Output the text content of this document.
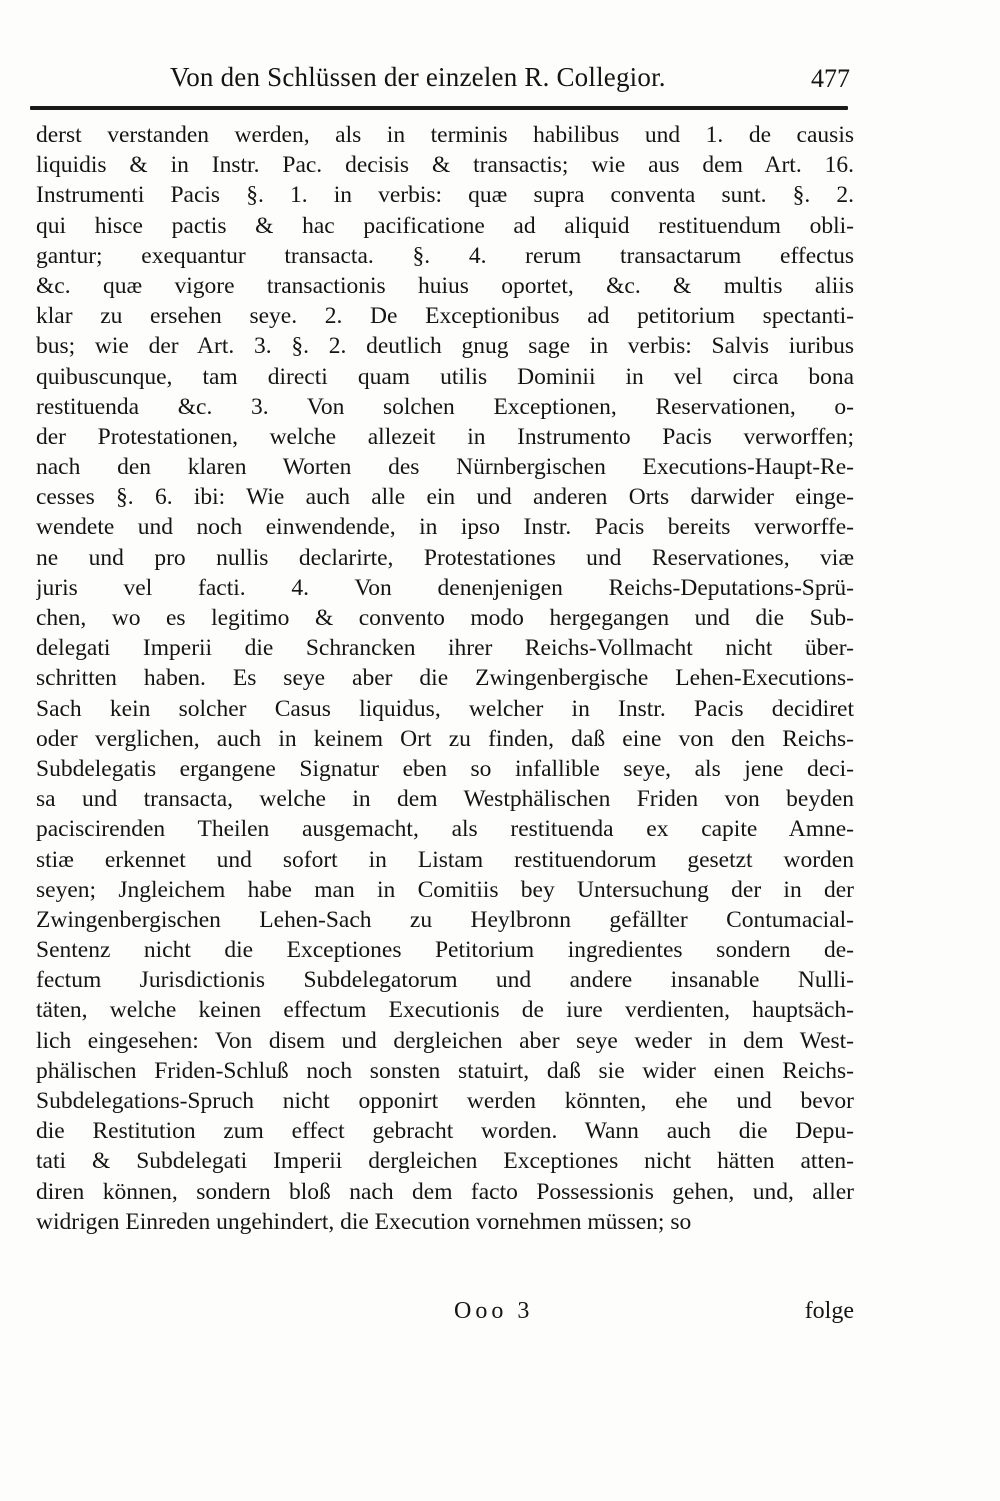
Von den Schlüssen der einzelen R. Collegior.	477
derst verstanden werden, als in terminis habilibus und 1. de causis
liquidis & in Instr. Pac. decisis & transactis; wie aus dem Art. 16.
Instrumenti Pacis §. 1. in verbis: quæ supra conventa sunt. §. 2.
qui hisce pactis & hac pacificatione ad aliquid restituendum obli-
gantur; exequantur transacta. §. 4. rerum transactarum effectus
&c. quæ vigore transactionis huius oportet, &c. & multis aliis
klar zu ersehen seye. 2. De Exceptionibus ad petitorium spectanti-
bus; wie der Art. 3. §. 2. deutlich gnug sage in verbis: Salvis iuribus
quibuscunque, tam directi quam utilis Dominii in vel circa bona
restituenda &c. 3. Von solchen Exceptionen, Reservationen, o-
der Protestationen, welche allezeit in Instrumento Pacis verworffen;
nach den klaren Worten des Nürnbergischen Executions-Haupt-Re-
cesses §. 6. ibi: Wie auch alle ein und anderen Orts darwider einge-
wendete und noch einwendende, in ipso Instr. Pacis bereits verworffe-
ne und pro nullis declarirte, Protestationes und Reservationes, viæ
juris vel facti. 4. Von denenjenigen Reichs-Deputations-Sprü-
chen, wo es legitimo & convento modo hergegangen und die Sub-
delegati Imperii die Schrancken ihrer Reichs-Vollmacht nicht über-
schritten haben. Es seye aber die Zwingenbergische Lehen-Executions-
Sach kein solcher Casus liquidus, welcher in Instr. Pacis decidiret
oder verglichen, auch in keinem Ort zu finden, daß eine von den Reichs-
Subdelegatis ergangene Signatur eben so infallible seye, als jene deci-
sa und transacta, welche in dem Westphälischen Friden von beyden
paciscirenden Theilen ausgemacht, als restituenda ex capite Amne-
stiæ erkennet und sofort in Listam restituendorum gesetzt worden
seyen; Jngleichem habe man in Comitiis bey Untersuchung der in der
Zwingenbergischen Lehen-Sach zu Heylbronn gefällter Contumacial-
Sentenz nicht die Exceptiones Petitorium ingredientes sondern de-
fectum Jurisdictionis Subdelegatorum und andere insanable Nulli-
täten, welche keinen effectum Executionis de iure verdienten, hauptsäch-
lich eingesehen: Von disem und dergleichen aber seye weder in dem West-
phälischen Friden-Schluß noch sonsten statuirt, daß sie wider einen Reichs-
Subdelegations-Spruch nicht opponirt werden könnten, ehe und bevor
die Restitution zum effect gebracht worden. Wann auch die Depu-
tati & Subdelegati Imperii dergleichen Exceptiones nicht hätten atten-
diren können, sondern bloß nach dem facto Possessionis gehen, und, aller
widrigen Einreden ungehindert, die Execution vornehmen müssen; so
Ooo 3	folge
